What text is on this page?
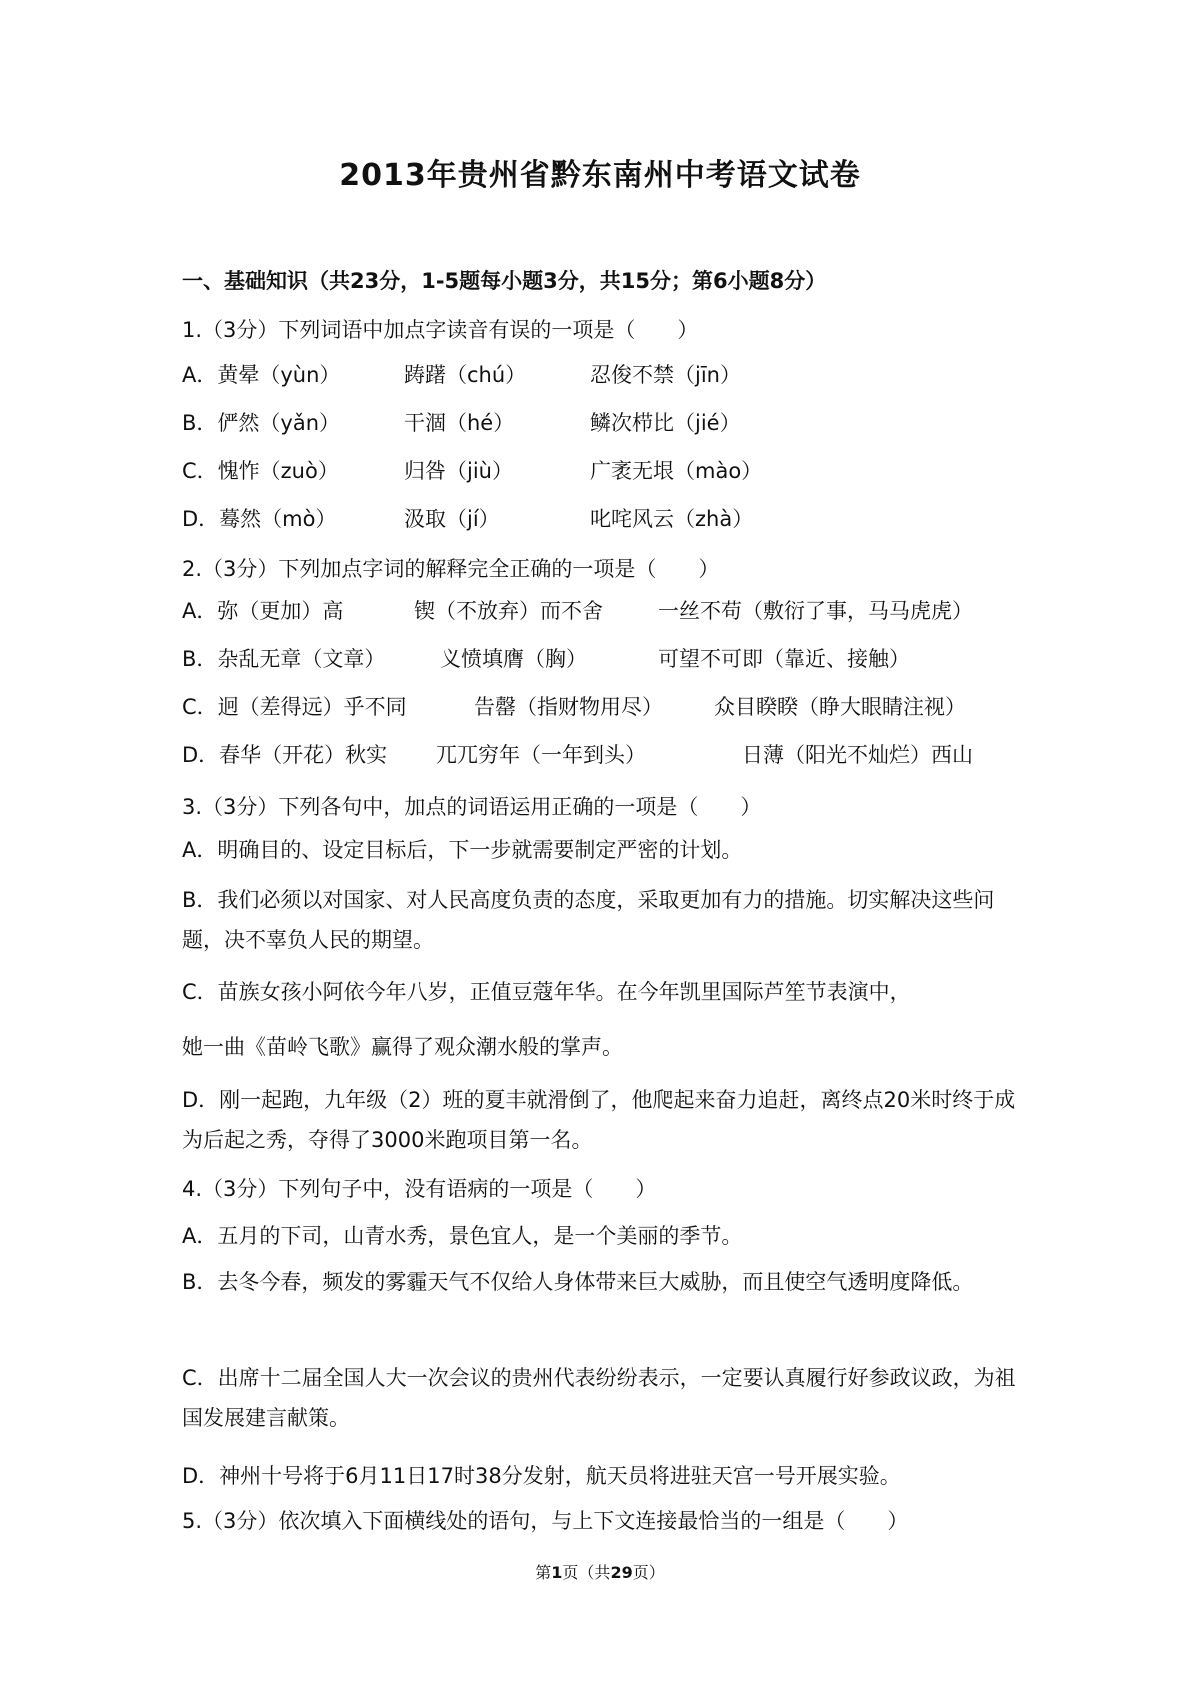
2013年贵州省黔东南州中考语文试卷
一、基础知识（共23分，1-5题每小题3分，共15分；第6小题8分）
1.（3分）下列词语中加点字读音有误的一项是（　　）
A．黄晕（yùn）	踌躇（chú）	忍俊不禁（jīn）
B．俨然（yǎn）	干涸（hé）	鳞次栉比（jié）
C．愧怍（zuò）	归咎（jiù）	广袤无垠（mào）
D．蓦然（mò）	汲取（jí）	叱咤风云（zhà）
2.（3分）下列加点字词的解释完全正确的一项是（　　）
A．弥（更加）高	锲（不放弃）而不舍	一丝不苟（敷衍了事，马马虎虎）
B．杂乱无章（文章）	义愤填膺（胸）	可望不可即（靠近、接触）
C．迥（差得远）乎不同	告罄（指财物用尽） 众目睽睽（睁大眼睛注视）
D．春华（开花）秋实 兀兀穷年（一年到头）	日薄（阳光不灿烂）西山
3.（3分）下列各句中，加点的词语运用正确的一项是（　　）
A．明确目的、设定目标后，下一步就需要制定严密的计划。
B．我们必须以对国家、对人民高度负责的态度，采取更加有力的措施。切实解决这些问题，决不辜负人民的期望。
C．苗族女孩小阿依今年八岁，正值豆蔻年华。在今年凯里国际芦笙节表演中，
她一曲《苗岭飞歌》赢得了观众潮水般的掌声。
D．刚一起跑，九年级（2）班的夏丰就滑倒了，他爬起来奋力追赶，离终点20米时终于成为后起之秀，夺得了3000米跑项目第一名。
4.（3分）下列句子中，没有语病的一项是（　　）
A．五月的下司，山青水秀，景色宜人，是一个美丽的季节。
B．去冬今春，频发的雾霾天气不仅给人身体带来巨大威胁，而且使空气透明度降低。
C．出席十二届全国人大一次会议的贵州代表纷纷表示，一定要认真履行好参政议政，为祖国发展建言献策。
D．神州十号将于6月11日17时38分发射，航天员将进驻天宫一号开展实验。
5.（3分）依次填入下面横线处的语句，与上下文连接最恰当的一组是（　　）
第1页（共29页）
